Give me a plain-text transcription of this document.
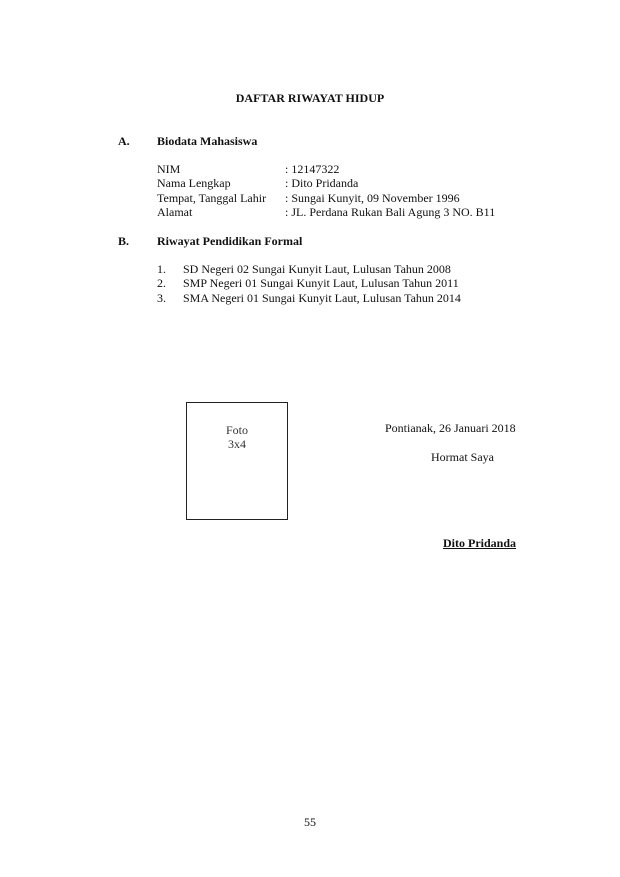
DAFTAR RIWAYAT HIDUP
A. Biodata Mahasiswa
NIM	: 12147322
Nama Lengkap	: Dito Pridanda
Tempat, Tanggal Lahir : Sungai Kunyit, 09 November 1996
Alamat	: JL. Perdana Rukan Bali Agung 3 NO. B11
B. Riwayat Pendidikan Formal
1. SD Negeri 02 Sungai Kunyit Laut, Lulusan Tahun 2008
2. SMP Negeri 01 Sungai Kunyit Laut, Lulusan Tahun 2011
3. SMA Negeri 01 Sungai Kunyit Laut, Lulusan Tahun 2014
Foto
3x4
Pontianak, 26 Januari 2018
Hormat Saya
Dito Pridanda
55
